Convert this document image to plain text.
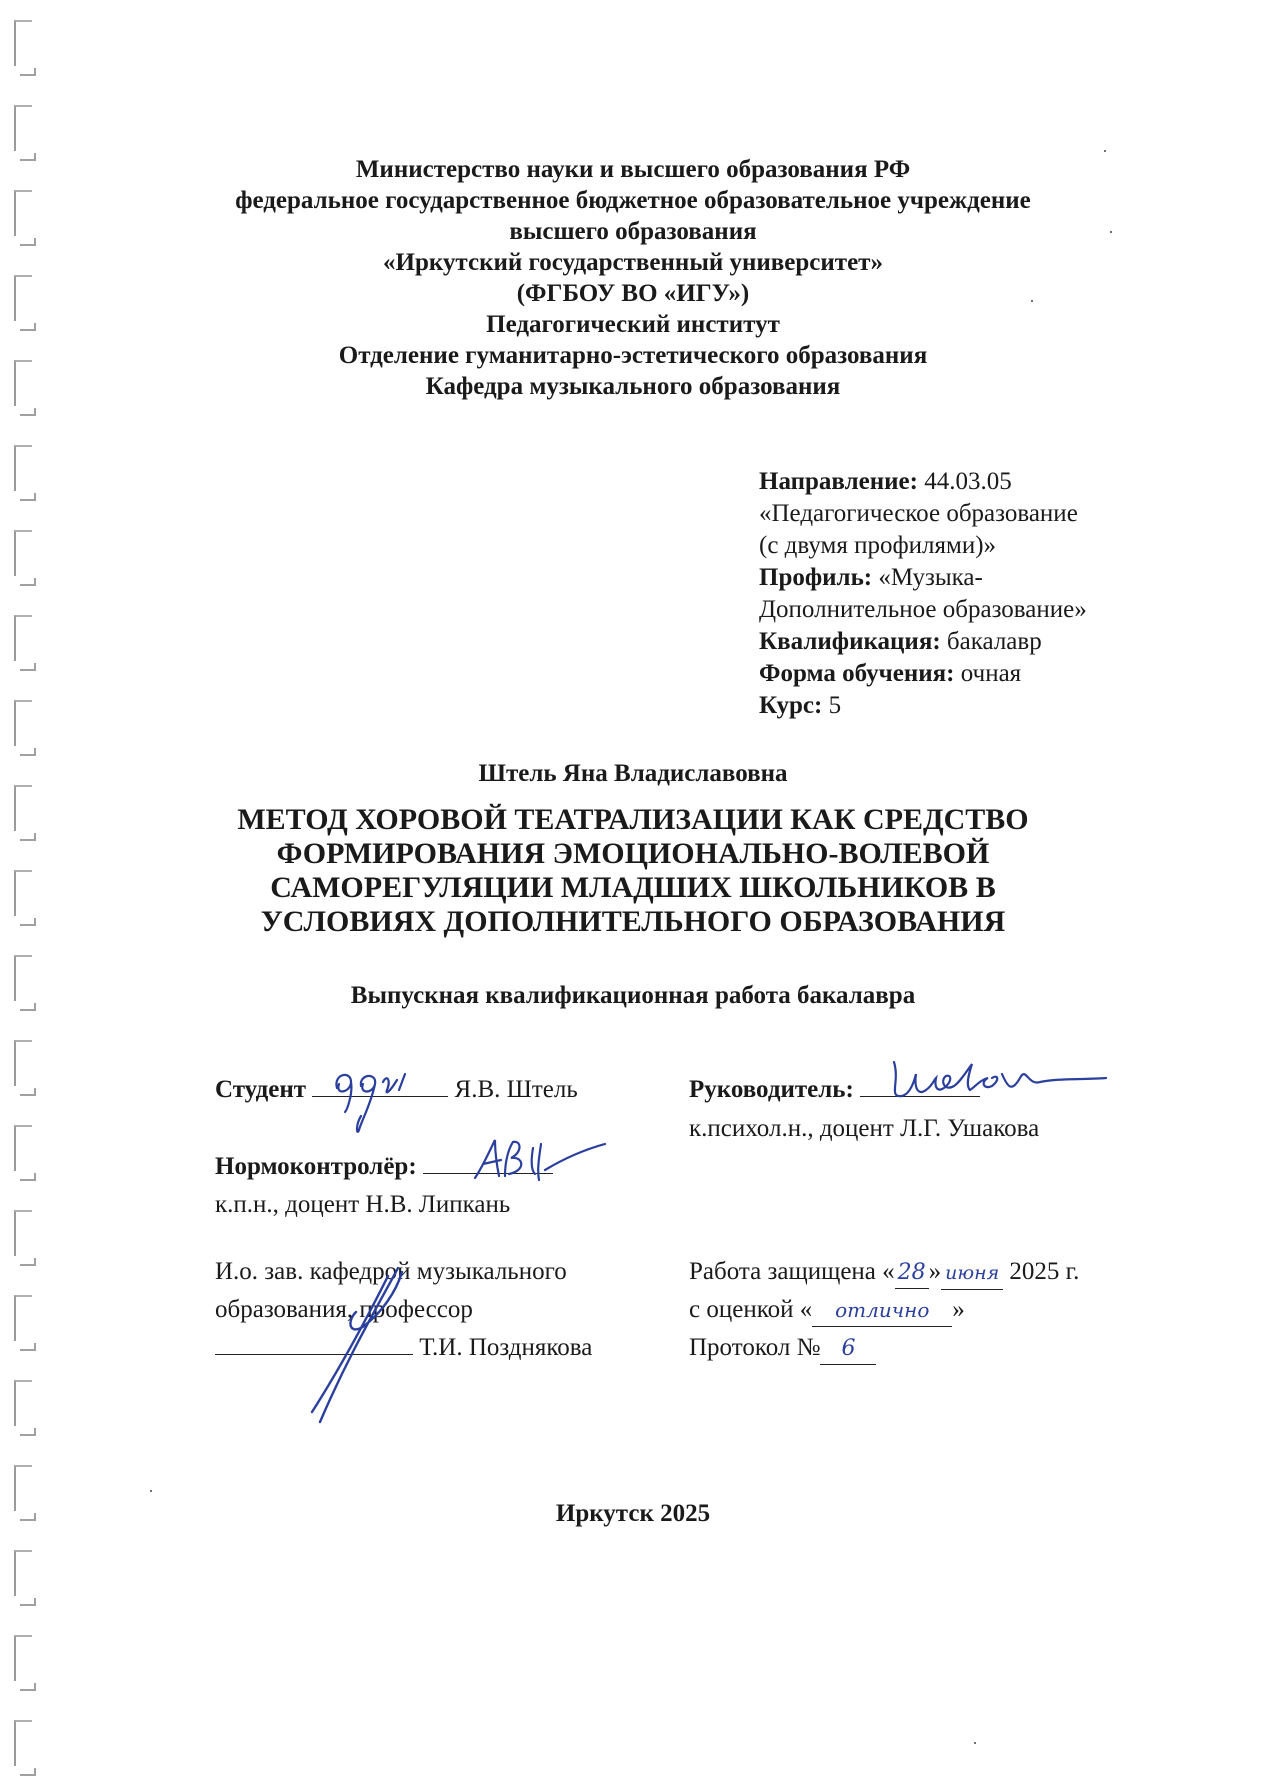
Министерство науки и высшего образования РФ
федеральное государственное бюджетное образовательное учреждение
высшего образования
«Иркутский государственный университет»
(ФГБОУ ВО «ИГУ»)
Педагогический институт
Отделение гуманитарно-эстетического образования
Кафедра музыкального образования
Направление: 44.03.05
«Педагогическое образование
(с двумя профилями)»
Профиль: «Музыка-
Дополнительное образование»
Квалификация: бакалавр
Форма обучения: очная
Курс: 5
Штель Яна Владиславовна
МЕТОД ХОРОВОЙ ТЕАТРАЛИЗАЦИИ КАК СРЕДСТВО
ФОРМИРОВАНИЯ ЭМОЦИОНАЛЬНО-ВОЛЕВОЙ
САМОРЕГУЛЯЦИИ МЛАДШИХ ШКОЛЬНИКОВ В
УСЛОВИЯХ ДОПОЛНИТЕЛЬНОГО ОБРАЗОВАНИЯ
Выпускная квалификационная работа бакалавра
Студент	Я.В. Штель	Руководитель:
к.психол.н., доцент Л.Г. Ушакова
Нормоконтролёр:
к.п.н., доцент Н.В. Липкань
И.о. зав. кафедрой музыкального
образования, профессор
Т.И. Позднякова
Работа защищена « 28 » июня 2025 г.
с оценкой « отлично »
Протокол № 6
Иркутск 2025
